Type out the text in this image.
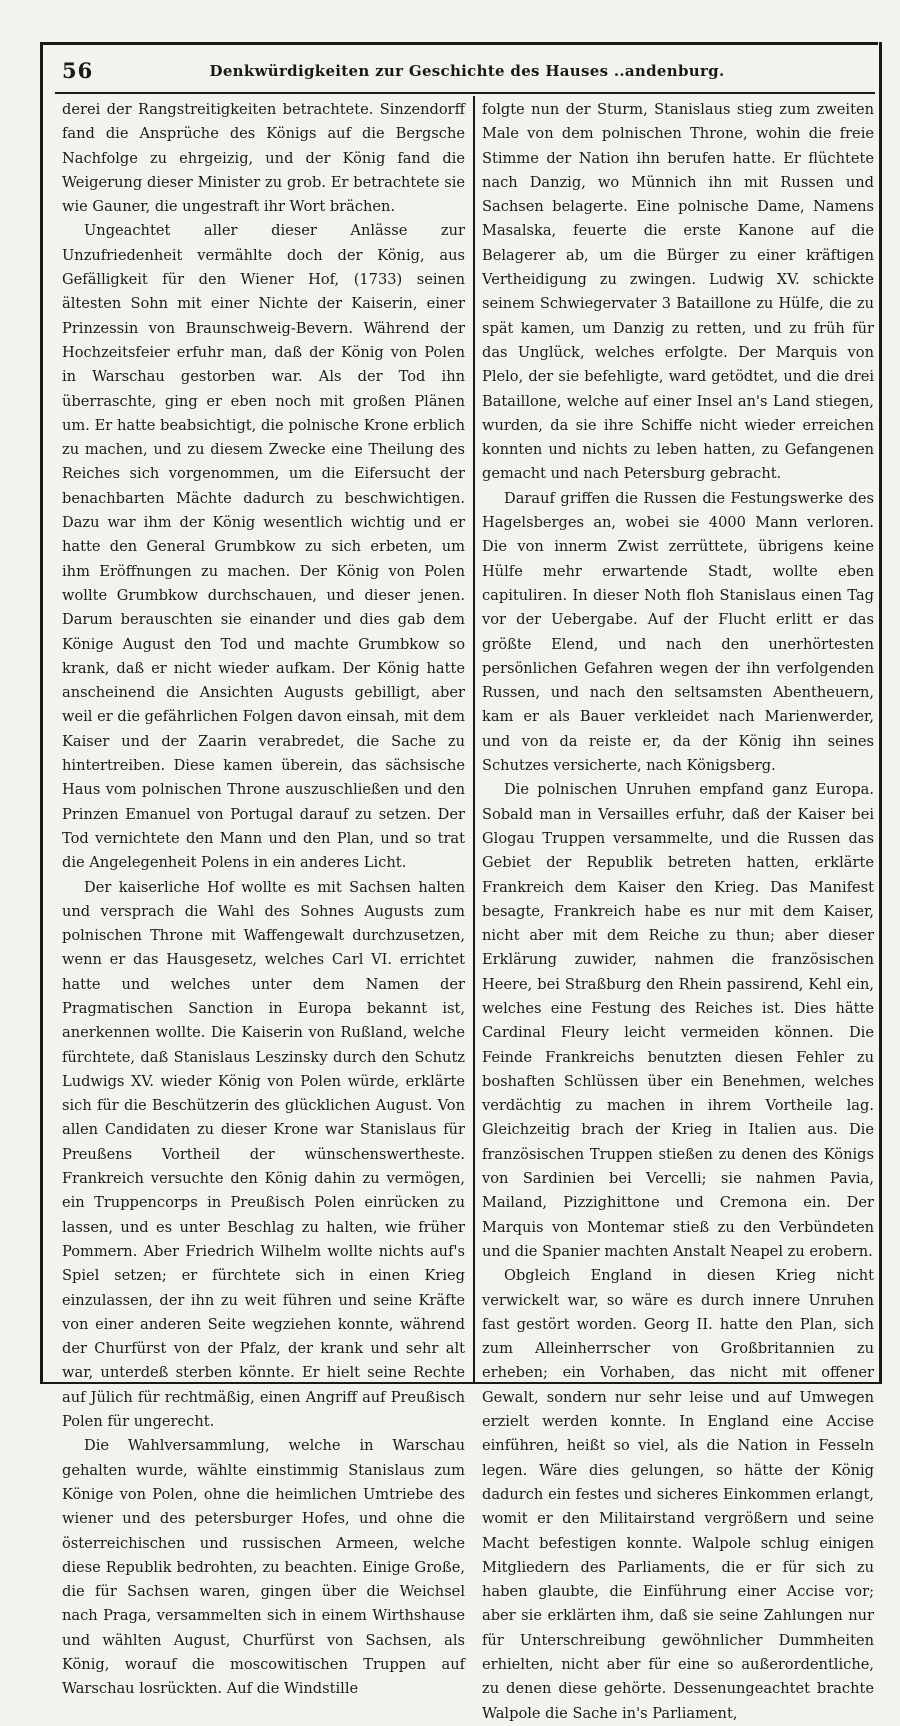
56	Denkwürdigkeiten zur Geschichte des Hauses ..andenburg.

derei der Rangstreitigkeiten betrachtete. Sinzendorff fand die Ansprüche des Königs auf die Bergsche Nachfolge zu ehrgeizig, und der König fand die Weigerung dieser Minister zu grob. Er betrachtete sie wie Gauner, die ungestraft ihr Wort brächen.

Ungeachtet aller dieser Anlässe zur Unzufriedenheit vermählte doch der König, aus Gefälligkeit für den Wiener Hof, (1733) seinen ältesten Sohn mit einer Nichte der Kaiserin, einer Prinzessin von Braunschweig-Bevern. Während der Hochzeitsfeier erfuhr man, daß der König von Polen in Warschau gestorben war. Als der Tod ihn überraschte, ging er eben noch mit großen Plänen um. Er hatte beabsichtigt, die polnische Krone erblich zu machen, und zu diesem Zwecke eine Theilung des Reiches sich vorgenommen, um die Eifersucht der benachbarten Mächte dadurch zu beschwichtigen. Dazu war ihm der König wesentlich wichtig und er hatte den General Grumbkow zu sich erbeten, um ihm Eröffnungen zu machen. Der König von Polen wollte Grumbkow durchschauen, und dieser jenen. Darum berauschten sie einander und dies gab dem Könige August den Tod und machte Grumbkow so krank, daß er nicht wieder aufkam. Der König hatte anscheinend die Ansichten Augusts gebilligt, aber weil er die gefährlichen Folgen davon einsah, mit dem Kaiser und der Zaarin verabredet, die Sache zu hintertreiben. Diese kamen überein, das sächsische Haus vom polnischen Throne auszuschließen und den Prinzen Emanuel von Portugal darauf zu setzen. Der Tod vernichtete den Mann und den Plan, und so trat die Angelegenheit Polens in ein anderes Licht.

Der kaiserliche Hof wollte es mit Sachsen halten und versprach die Wahl des Sohnes Augusts zum polnischen Throne mit Waffengewalt durchzusetzen, wenn er das Hausgesetz, welches Carl VI. errichtet hatte und welches unter dem Namen der Pragmatischen Sanction in Europa bekannt ist, anerkennen wollte. Die Kaiserin von Rußland, welche fürchtete, daß Stanislaus Leszinsky durch den Schutz Ludwigs XV. wieder König von Polen würde, erklärte sich für die Beschützerin des glücklichen August. Von allen Candidaten zu dieser Krone war Stanislaus für Preußens Vortheil der wünschenswertheste. Frankreich versuchte den König dahin zu vermögen, ein Truppencorps in Preußisch Polen einrücken zu lassen, und es unter Beschlag zu halten, wie früher Pommern. Aber Friedrich Wilhelm wollte nichts auf's Spiel setzen; er fürchtete sich in einen Krieg einzulassen, der ihn zu weit führen und seine Kräfte von einer anderen Seite wegziehen konnte, während der Churfürst von der Pfalz, der krank und sehr alt war, unterdeß sterben könnte. Er hielt seine Rechte auf Jülich für rechtmäßig, einen Angriff auf Preußisch Polen für ungerecht.

Die Wahlversammlung, welche in Warschau gehalten wurde, wählte einstimmig Stanislaus zum Könige von Polen, ohne die heimlichen Umtriebe des wiener und des petersburger Hofes, und ohne die österreichischen und russischen Armeen, welche diese Republik bedrohten, zu beachten. Einige Große, die für Sachsen waren, gingen über die Weichsel nach Praga, versammelten sich in einem Wirthshause und wählten August, Churfürst von Sachsen, als König, worauf die moscowitischen Truppen auf Warschau losrückten. Auf die Windstille

folgte nun der Sturm, Stanislaus stieg zum zweiten Male von dem polnischen Throne, wohin die freie Stimme der Nation ihn berufen hatte. Er flüchtete nach Danzig, wo Münnich ihn mit Russen und Sachsen belagerte. Eine polnische Dame, Namens Masalska, feuerte die erste Kanone auf die Belagerer ab, um die Bürger zu einer kräftigen Vertheidigung zu zwingen. Ludwig XV. schickte seinem Schwiegervater 3 Bataillone zu Hülfe, die zu spät kamen, um Danzig zu retten, und zu früh für das Unglück, welches erfolgte. Der Marquis von Plelo, der sie befehligte, ward getödtet, und die drei Bataillone, welche auf einer Insel an's Land stiegen, wurden, da sie ihre Schiffe nicht wieder erreichen konnten und nichts zu leben hatten, zu Gefangenen gemacht und nach Petersburg gebracht.

Darauf griffen die Russen die Festungswerke des Hagelsberges an, wobei sie 4000 Mann verloren. Die von innerm Zwist zerrüttete, übrigens keine Hülfe mehr erwartende Stadt, wollte eben capituliren. In dieser Noth floh Stanislaus einen Tag vor der Uebergabe. Auf der Flucht erlitt er das größte Elend, und nach den unerhörtesten persönlichen Gefahren wegen der ihn verfolgenden Russen, und nach den seltsamsten Abentheuern, kam er als Bauer verkleidet nach Marienwerder, und von da reiste er, da der König ihn seines Schutzes versicherte, nach Königsberg.

Die polnischen Unruhen empfand ganz Europa. Sobald man in Versailles erfuhr, daß der Kaiser bei Glogau Truppen versammelte, und die Russen das Gebiet der Republik betreten hatten, erklärte Frankreich dem Kaiser den Krieg. Das Manifest besagte, Frankreich habe es nur mit dem Kaiser, nicht aber mit dem Reiche zu thun; aber dieser Erklärung zuwider, nahmen die französischen Heere, bei Straßburg den Rhein passirend, Kehl ein, welches eine Festung des Reiches ist. Dies hätte Cardinal Fleury leicht vermeiden können. Die Feinde Frankreichs benutzten diesen Fehler zu boshaften Schlüssen über ein Benehmen, welches verdächtig zu machen in ihrem Vortheile lag. Gleichzeitig brach der Krieg in Italien aus. Die französischen Truppen stießen zu denen des Königs von Sardinien bei Vercelli; sie nahmen Pavia, Mailand, Pizzighittone und Cremona ein. Der Marquis von Montemar stieß zu den Verbündeten und die Spanier machten Anstalt Neapel zu erobern.

Obgleich England in diesen Krieg nicht verwickelt war, so wäre es durch innere Unruhen fast gestört worden. Georg II. hatte den Plan, sich zum Alleinherrscher von Großbritannien zu erheben; ein Vorhaben, das nicht mit offener Gewalt, sondern nur sehr leise und auf Umwegen erzielt werden konnte. In England eine Accise einführen, heißt so viel, als die Nation in Fesseln legen. Wäre dies gelungen, so hätte der König dadurch ein festes und sicheres Einkommen erlangt, womit er den Militairstand vergrößern und seine Macht befestigen konnte. Walpole schlug einigen Mitgliedern des Parliaments, die er für sich zu haben glaubte, die Einführung einer Accise vor; aber sie erklärten ihm, daß sie seine Zahlungen nur für Unterschreibung gewöhnlicher Dummheiten erhielten, nicht aber für eine so außerordentliche, zu denen diese gehörte. Dessenungeachtet brachte Walpole die Sache in's Parliament,
